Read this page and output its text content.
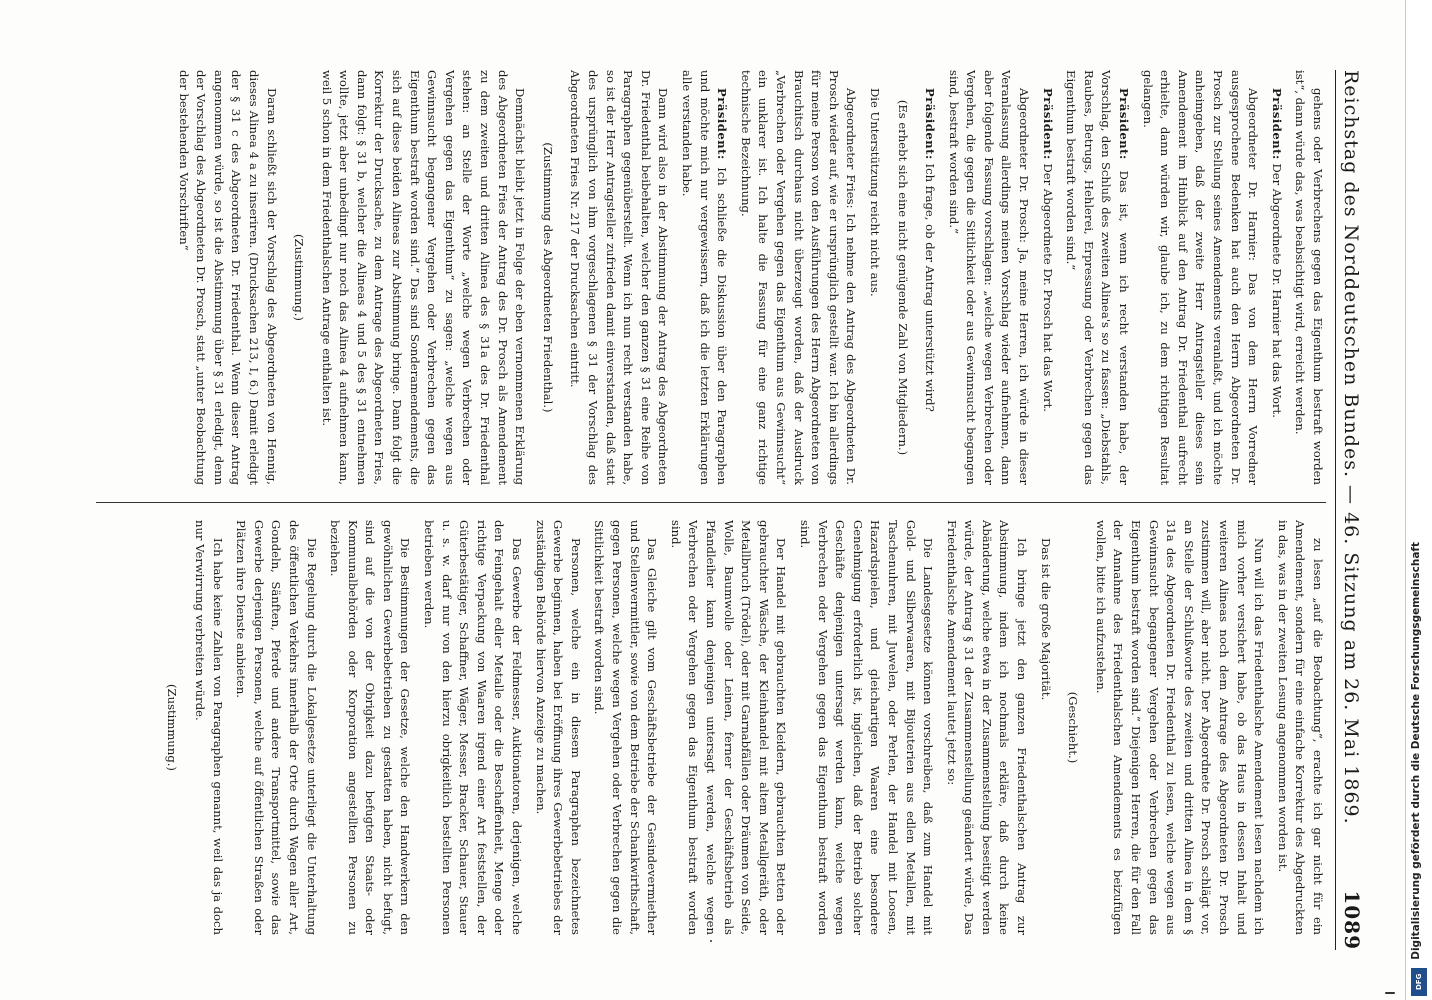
Reichstag des Norddeutschen Bundes. — 46. Sitzung am 26. Mai 1869.
1089

gehens oder Verbrechens gegen das Eigenthum bestraft worden ist“, dann würde das, was beabsichtigt wird, erreicht werden.

Präsident: Der Abgeordnete Dr. Harnier hat das Wort.

Abgeordneter Dr. Harnier: Das von dem Herrn Vorredner ausgesprochene Bedenken hat auch den Herrn Abgeordneten Dr. Prosch zur Stellung seines Amendements veranlaßt, und ich möchte anheimgeben, daß der zweite Herr Antragsteller dieses sein Amendement im Hinblick auf den Antrag Dr. Friedenthal aufrecht erhielte, dann würden wir, glaube ich, zu dem richtigen Resultat gelangen.

Präsident: Das ist, wenn ich recht verstanden habe, der Vorschlag, den Schluß des zweiten Alinea's so zu fassen: „Diebstahls, Raubes, Betrugs, Hehlerei, Erpressung oder Verbrechen gegen das Eigenthum bestraft worden sind.“

Präsident: Der Abgeordnete Dr. Prosch hat das Wort.

Abgeordneter Dr. Prosch: Ja, meine Herren, ich würde in dieser Veranlassung allerdings meinen Vorschlag wieder aufnehmen, dann aber folgende Fassung vorschlagen: „welche wegen Verbrechen oder Vergehen, die gegen die Sittlichkeit oder aus Gewinnsucht begangen sind, bestraft worden sind.“

Präsident: Ich frage, ob der Antrag unterstützt wird?

(Es erhebt sich eine nicht genügende Zahl von Mitgliedern.)

Die Unterstützung reicht nicht aus.

Abgeordneter Fries: Ich nehme den Antrag des Abgeordneten Dr. Prosch wieder auf, wie er ursprünglich gestellt war. Ich bin allerdings für meine Person von den Ausführungen des Herrn Abgeordneten von Brauchitsch durchaus nicht überzeugt worden, daß der Ausdruck „Verbrechen oder Vergehen gegen das Eigenthum aus Gewinnsucht“ ein unklarer ist. Ich halte die Fassung für eine ganz richtige technische Bezeichnung.

Präsident: Ich schließe die Diskussion über den Paragraphen und möchte mich nur vergewissern, daß ich die letzten Erklärungen alle verstanden habe.

Dann wird also in der Abstimmung der Antrag des Abgeordneten Dr. Friedenthal beibehalten, welcher den ganzen § 31 eine Reihe von Paragraphen gegenüberstellt. Wenn ich nun recht verstanden habe, so ist der Herr Antragsteller zufrieden damit einverstanden, daß statt des ursprünglich von ihm vorgeschlagenen § 31 der Vorschlag des Abgeordneten Fries Nr. 217 der Drucksachen eintritt.

(Zustimmung des Abgeordneten Friedenthal.)

Demnächst bleibt jetzt in Folge der eben vernommenen Erklärung des Abgeordneten Fries der Antrag des Dr. Prosch als Amendement zu dem zweiten und dritten Alinea des § 31a des Dr. Friedenthal stehen: an Stelle der Worte „welche wegen Verbrechen oder Vergehen gegen das Eigenthum“ zu sagen: „welche wegen aus Gewinnsucht begangener Vergehen oder Verbrechen gegen das Eigenthum bestraft worden sind.“ Das sind Sonderamendements, die sich auf diese beiden Alineas zur Abstimmung bringe. Dann folgt die Korrektur der Drucksache, zu dem Antrage des Abgeordneten Fries, dann folgt: § 31 b, welcher die Alineas 4 und 5 des § 31 entnehmen wollte, jetzt aber unbedingt nur noch das Alinea 4 aufnehmen kann, weil 5 schon in dem Friedenthalschen Antrage enthalten ist.

(Zustimmung.)

Daran schließt sich der Vorschlag des Abgeordneten von Hennig, dieses Alinea 4 a zu inseriren. (Drucksachen 213, I, 6.) Damit erledigt der § 31 c des Abgeordneten Dr. Friedenthal. Wenn dieser Antrag angenommen würde, so ist die Abstimmung über § 31 erledigt, denn der Vorschlag des Abgeordneten Dr. Prosch, statt „unter Beobachtung der bestehenden Vorschriften“

zu lesen „auf die Beobachtung“, erachte ich gar nicht für ein Amendement, sondern für eine einfache Korrektur des Abgedruckten in das, was in der zweiten Lesung angenommen worden ist.

Nun will ich das Friedenthalsche Amendement lesen nachdem ich mich vorher versichert habe, ob das Haus in dessen Inhalt und weiteren Alineas noch dem Antrage des Abgeordneten Dr. Prosch zustimmen will, aber nicht. Der Abgeordnete Dr. Prosch schlägt vor, an Stelle der Schlußworte des zweiten und dritten Alinea in dem § 31a des Abgeordneten Dr. Friedenthal zu lesen, welche wegen aus Gewinnsucht begangener Vergehen oder Verbrechen gegen das Eigenthum bestraft worden sind.“ Diejenigen Herren, die für den Fall der Annahme des Friedenthalschen Amendements es beizufügen wollen, bitte ich aufzustehen.

(Geschieht.)

Das ist die große Majorität.

Ich bringe jetzt den ganzen Friedenthalschen Antrag zur Abstimmung, indem ich nochmals erkläre, daß durch keine Abänderung, welche etwa in der Zusammenstellung beseitigt werden würde, der Antrag § 31 der Zusammenstellung geändert würde, Das Friedenthalsche Amendement lautet jetzt so:

Die Landesgesetze können vorschreiben, daß zum Handel mit Gold- und Silberwaaren, mit Bijouterien aus edlen Metallen, mit Taschenuhren, mit Juwelen, oder Perlen, der Handel mit Loosen, Hazardspielen, und gleichartigen Waaren eine besondere Genehmigung erforderlich ist, ingleichen, daß der Betrieb solcher Geschäfte denjenigen untersagt werden kann, welche wegen Verbrechen oder Vergehen gegen das Eigenthum bestraft worden sind.

Der Handel mit gebrauchten Kleidern, gebrauchten Betten oder gebrauchter Wäsche, der Kleinhandel mit altem Metallgeräth, oder Metallbruch (Trödel), oder mit Garnabfällen oder Dräumen von Seide, Wolle, Baumwolle oder Leinen, ferner der Geschäftsbetrieb als Pfandleiher kann denjenigen untersagt werden, welche wegen Verbrechen oder Vergehen gegen das Eigenthum bestraft worden sind.

Das Gleiche gilt vom Geschäftsbetriebe der Gesindevermiether und Stellenvermittler, sowie von dem Betriebe der Schankwirthschaft, gegen Personen, welche wegen Vergehen oder Verbrechen gegen die Sittlichkeit bestraft worden sind.

Personen, welche ein in diesem Paragraphen bezeichnetes Gewerbe beginnen, haben bei Eröffnung ihres Gewerbebetriebes der zuständigen Behörde hiervon Anzeige zu machen.

Das Gewerbe der Feldmesser, Auktionatoren, derjenigen, welche den Feingehalt edler Metalle oder die Beschaffenheit, Menge oder richtige Verpackung von Waaren irgend einer Art feststellen, der Güterbestätiger, Schaffner, Wäger, Messer, Bracker, Schauer, Stauer u. s. w. darf nur von den hierzu obrigkeitlich bestellten Personen betrieben werden.

Die Bestimmungen der Gesetze, welche den Handwerkern den gewöhnlichen Gewerbebetrieben zu gestatten haben, nicht befugt, sind auf die von der Obrigkeit dazu befugten Staats- oder Kommunalbehörden oder Korporation angestellten Personen zu beziehen.

Die Regelung durch die Lokalgesetze unterliegt die Unterhaltung des öffentlichen Verkehrs innerhalb der Orte durch Wagen aller Art, Gondeln, Sänften, Pferde und andere Transportmittel, sowie das Gewerbe derjenigen Personen, welche auf öffentlichen Straßen oder Plätzen ihre Dienste anbieten.

Ich habe keine Zahlen von Paragraphen genannt, weil das ja doch nur Verwirrung verbreiten würde.

(Zustimmung.)	Digitalisierung gefördert durch die Deutsche Forschungsgemeinschaft
DFG
